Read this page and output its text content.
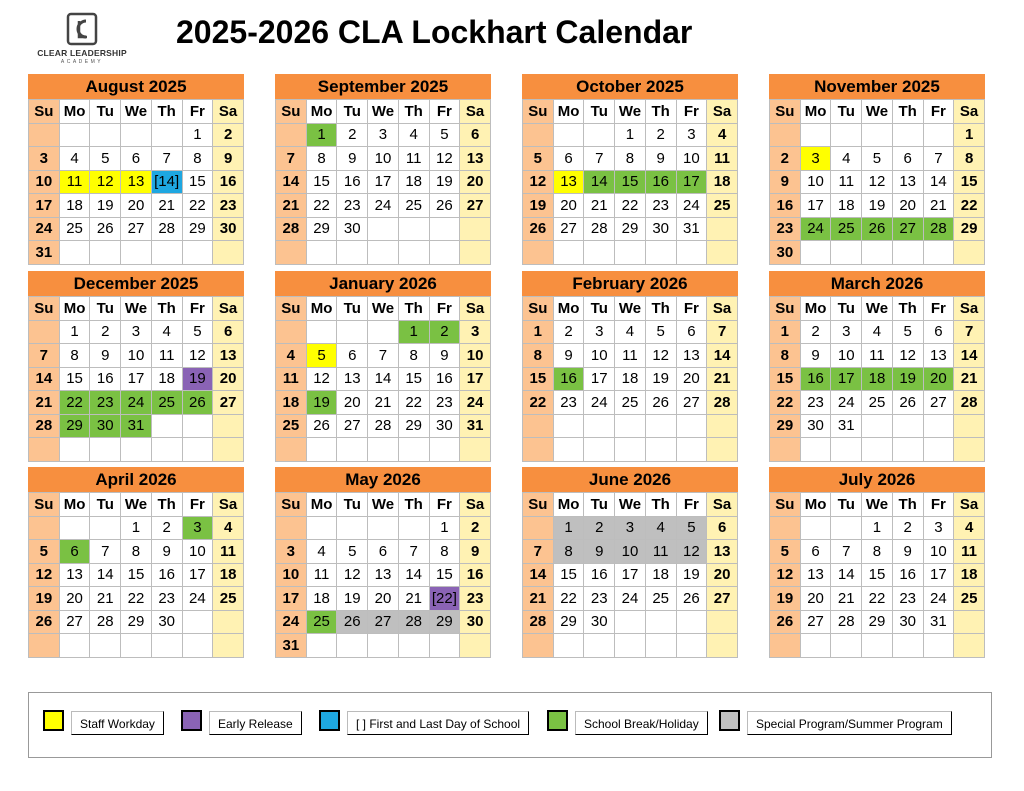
CLEAR LEADERSHIP
ACADEMY
2025-2026 CLA Lockhart Calendar
August 2025
Su	Mo	Tu	We	Th	Fr	Sa
					1	2
3	4	5	6	7	8	9
10	11	12	13	[14]	15	16
17	18	19	20	21	22	23
24	25	26	27	28	29	30
31						
September 2025
Su	Mo	Tu	We	Th	Fr	Sa
	1	2	3	4	5	6
7	8	9	10	11	12	13
14	15	16	17	18	19	20
21	22	23	24	25	26	27
28	29	30				

October 2025
Su	Mo	Tu	We	Th	Fr	Sa
			1	2	3	4
5	6	7	8	9	10	11
12	13	14	15	16	17	18
19	20	21	22	23	24	25
26	27	28	29	30	31	

November 2025
Su	Mo	Tu	We	Th	Fr	Sa
						1
2	3	4	5	6	7	8
9	10	11	12	13	14	15
16	17	18	19	20	21	22
23	24	25	26	27	28	29
30						
December 2025
Su	Mo	Tu	We	Th	Fr	Sa
	1	2	3	4	5	6
7	8	9	10	11	12	13
14	15	16	17	18	19	20
21	22	23	24	25	26	27
28	29	30	31			

January 2026
Su	Mo	Tu	We	Th	Fr	Sa
				1	2	3
4	5	6	7	8	9	10
11	12	13	14	15	16	17
18	19	20	21	22	23	24
25	26	27	28	29	30	31

February 2026
Su	Mo	Tu	We	Th	Fr	Sa
1	2	3	4	5	6	7
8	9	10	11	12	13	14
15	16	17	18	19	20	21
22	23	24	25	26	27	28

March 2026
Su	Mo	Tu	We	Th	Fr	Sa
1	2	3	4	5	6	7
8	9	10	11	12	13	14
15	16	17	18	19	20	21
22	23	24	25	26	27	28
29	30	31				

April 2026
Su	Mo	Tu	We	Th	Fr	Sa
			1	2	3	4
5	6	7	8	9	10	11
12	13	14	15	16	17	18
19	20	21	22	23	24	25
26	27	28	29	30		

May 2026
Su	Mo	Tu	We	Th	Fr	Sa
					1	2
3	4	5	6	7	8	9
10	11	12	13	14	15	16
17	18	19	20	21	[22]	23
24	25	26	27	28	29	30
31						
June 2026
Su	Mo	Tu	We	Th	Fr	Sa
	1	2	3	4	5	6
7	8	9	10	11	12	13
14	15	16	17	18	19	20
21	22	23	24	25	26	27
28	29	30				

July 2026
Su	Mo	Tu	We	Th	Fr	Sa
			1	2	3	4
5	6	7	8	9	10	11
12	13	14	15	16	17	18
19	20	21	22	23	24	25
26	27	28	29	30	31	

Staff Workday	Early Release	[ ] First and Last Day of School	School Break/Holiday	Special Program/Summer Program
